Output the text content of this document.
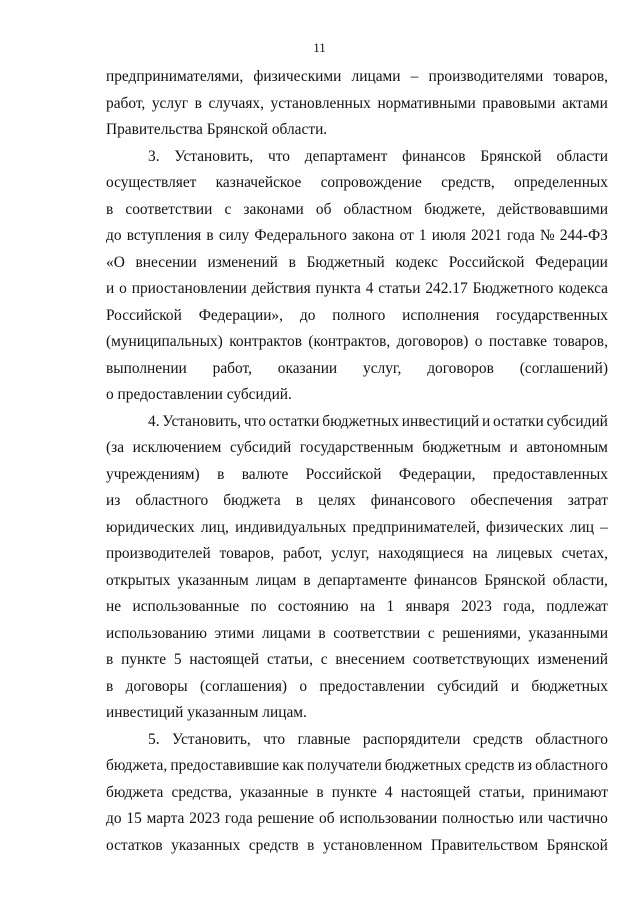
11
предпринимателями, физическими лицами – производителями товаров,
работ, услуг в случаях, установленных нормативными правовыми актами
Правительства Брянской области.
3. Установить, что департамент финансов Брянской области
осуществляет казначейское сопровождение средств, определенных
в соответствии с законами об областном бюджете, действовавшими
до вступления в силу Федерального закона от 1 июля 2021 года № 244-ФЗ
«О внесении изменений в Бюджетный кодекс Российской Федерации
и о приостановлении действия пункта 4 статьи 242.17 Бюджетного кодекса
Российской Федерации», до полного исполнения государственных
(муниципальных) контрактов (контрактов, договоров) о поставке товаров,
выполнении работ, оказании услуг, договоров (соглашений)
о предоставлении субсидий.
4. Установить, что остатки бюджетных инвестиций и остатки субсидий
(за исключением субсидий государственным бюджетным и автономным
учреждениям) в валюте Российской Федерации, предоставленных
из областного бюджета в целях финансового обеспечения затрат
юридических лиц, индивидуальных предпринимателей, физических лиц –
производителей товаров, работ, услуг, находящиеся на лицевых счетах,
открытых указанным лицам в департаменте финансов Брянской области,
не использованные по состоянию на 1 января 2023 года, подлежат
использованию этими лицами в соответствии с решениями, указанными
в пункте 5 настоящей статьи, с внесением соответствующих изменений
в договоры (соглашения) о предоставлении субсидий и бюджетных
инвестиций указанным лицам.
5. Установить, что главные распорядители средств областного
бюджета, предоставившие как получатели бюджетных средств из областного
бюджета средства, указанные в пункте 4 настоящей статьи, принимают
до 15 марта 2023 года решение об использовании полностью или частично
остатков указанных средств в установленном Правительством Брянской
